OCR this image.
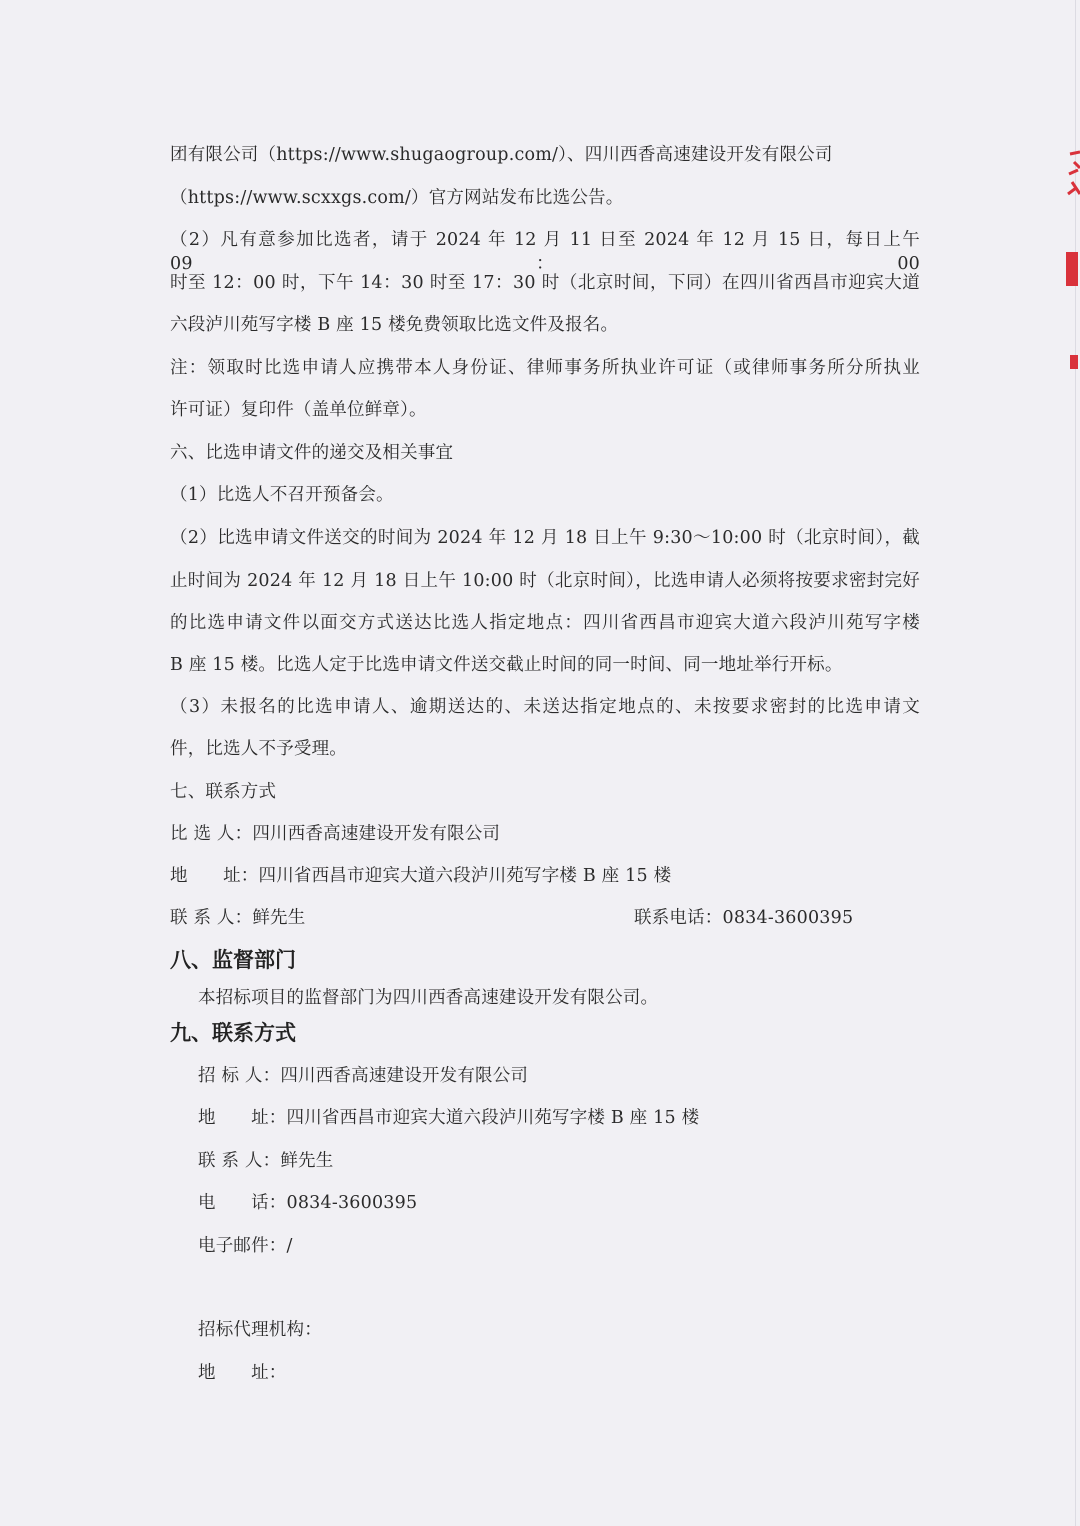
团有限公司（https://www.shugaogroup.com/）、四川西香高速建设开发有限公司
（https://www.scxxgs.com/）官方网站发布比选公告。
（2）凡有意参加比选者，请于 2024 年 12 月 11 日至 2024 年 12 月 15 日，每日上午 09：00
时至 12：00 时，下午 14：30 时至 17：30 时（北京时间，下同）在四川省西昌市迎宾大道
六段泸川苑写字楼 B 座 15 楼免费领取比选文件及报名。
注：领取时比选申请人应携带本人身份证、律师事务所执业许可证（或律师事务所分所执业
许可证）复印件（盖单位鲜章）。
六、比选申请文件的递交及相关事宜
（1）比选人不召开预备会。
（2）比选申请文件送交的时间为 2024 年 12 月 18 日上午 9:30～10:00 时（北京时间），截
止时间为 2024 年 12 月 18 日上午 10:00 时（北京时间），比选申请人必须将按要求密封完好
的比选申请文件以面交方式送达比选人指定地点：四川省西昌市迎宾大道六段泸川苑写字楼
B 座 15 楼。比选人定于比选申请文件送交截止时间的同一时间、同一地址举行开标。
（3）未报名的比选申请人、逾期送达的、未送达指定地点的、未按要求密封的比选申请文
件，比选人不予受理。
七、联系方式
比 选 人：四川西香高速建设开发有限公司
地　　址：四川省西昌市迎宾大道六段泸川苑写字楼 B 座 15 楼
联 系 人：鲜先生	联系电话：0834-3600395
八、监督部门
本招标项目的监督部门为四川西香高速建设开发有限公司。
九、联系方式
招 标 人：四川西香高速建设开发有限公司
地　　址：四川省西昌市迎宾大道六段泸川苑写字楼 B 座 15 楼
联 系 人：鲜先生
电　　话：0834-3600395
电子邮件：/
招标代理机构：
地　　址：
